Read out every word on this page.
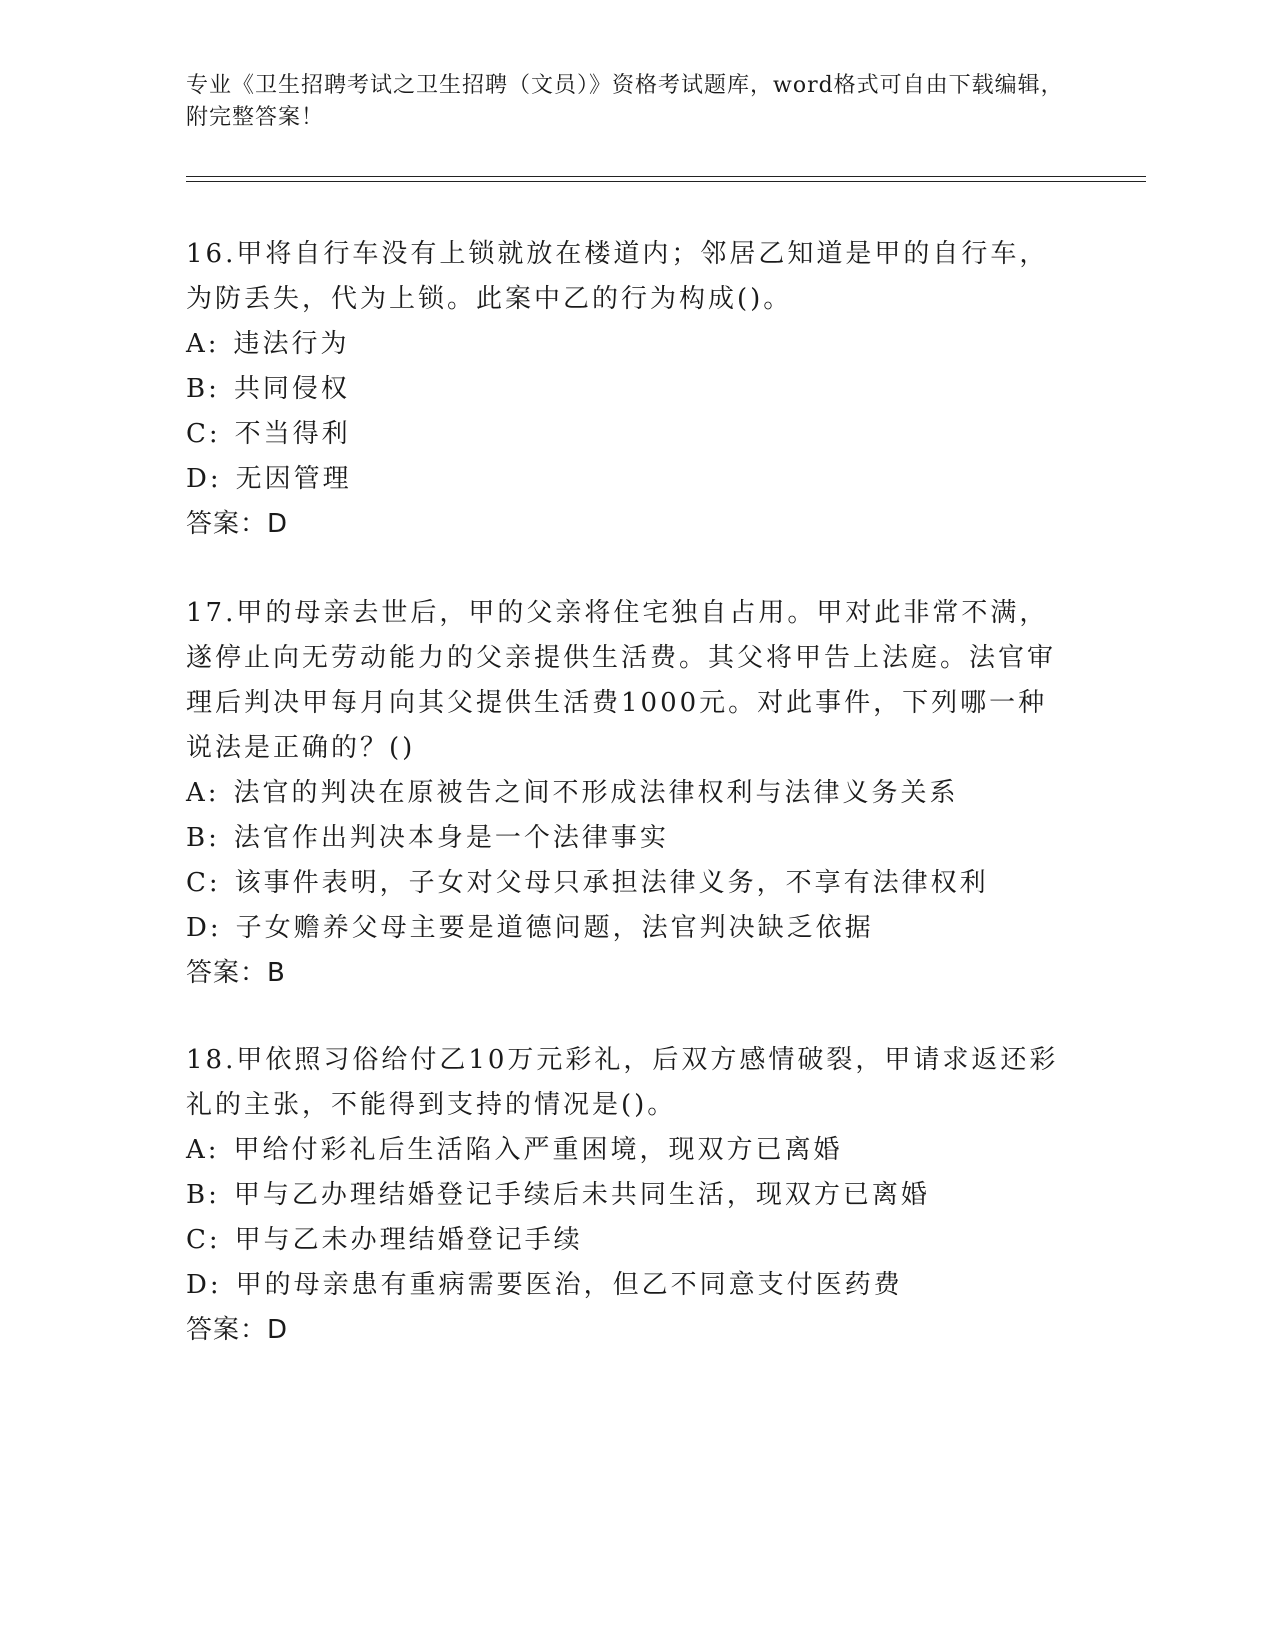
专业《卫生招聘考试之卫生招聘（文员）》资格考试题库，word格式可自由下载编辑，附完整答案！
16.甲将自行车没有上锁就放在楼道内；邻居乙知道是甲的自行车，为防丢失，代为上锁。此案中乙的行为构成()。
A: 违法行为
B: 共同侵权
C: 不当得利
D: 无因管理
答案：D
17.甲的母亲去世后，甲的父亲将住宅独自占用。甲对此非常不满，遂停止向无劳动能力的父亲提供生活费。其父将甲告上法庭。法官审理后判决甲每月向其父提供生活费1000元。对此事件，下列哪一种说法是正确的？()
A: 法官的判决在原被告之间不形成法律权利与法律义务关系
B: 法官作出判决本身是一个法律事实
C: 该事件表明，子女对父母只承担法律义务，不享有法律权利
D: 子女赡养父母主要是道德问题，法官判决缺乏依据
答案：B
18.甲依照习俗给付乙10万元彩礼，后双方感情破裂，甲请求返还彩礼的主张，不能得到支持的情况是()。
A: 甲给付彩礼后生活陷入严重困境，现双方已离婚
B: 甲与乙办理结婚登记手续后未共同生活，现双方已离婚
C: 甲与乙未办理结婚登记手续
D: 甲的母亲患有重病需要医治，但乙不同意支付医药费
答案：D
